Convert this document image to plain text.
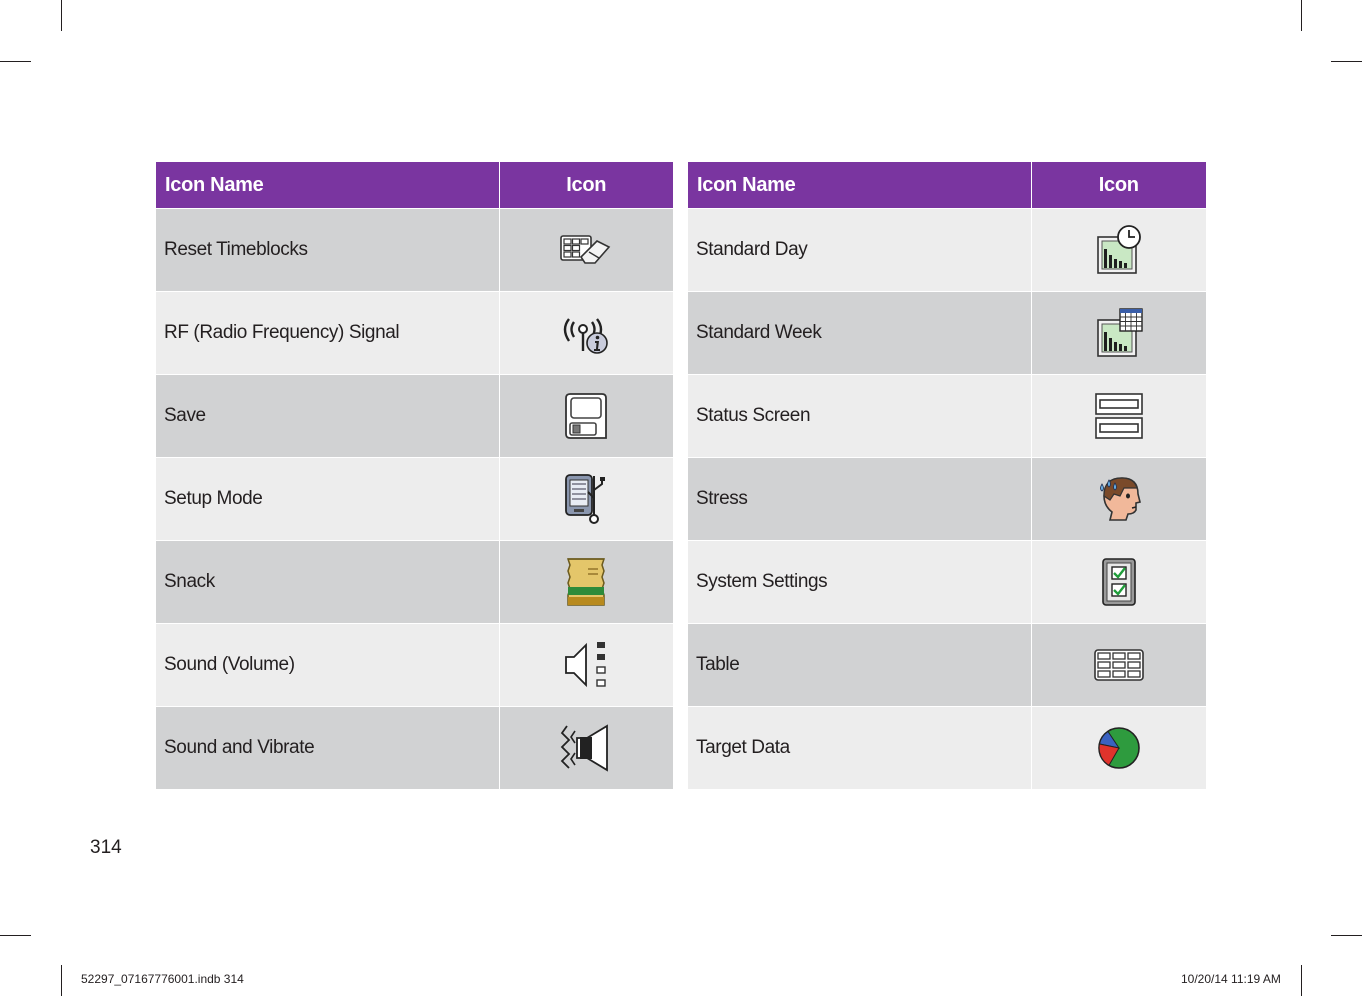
Icon Name	Icon
Reset Timeblocks	
RF (Radio Frequency) Signal	
Save	
Setup Mode	
Snack	
Sound (Volume)	
Sound and Vibrate	
Icon Name	Icon
Standard Day	
Standard Week	
Status Screen	
Stress	
System Settings	
Table	
Target Data	
314
52297_07167776001.indb 314	10/20/14 11:19 AM
